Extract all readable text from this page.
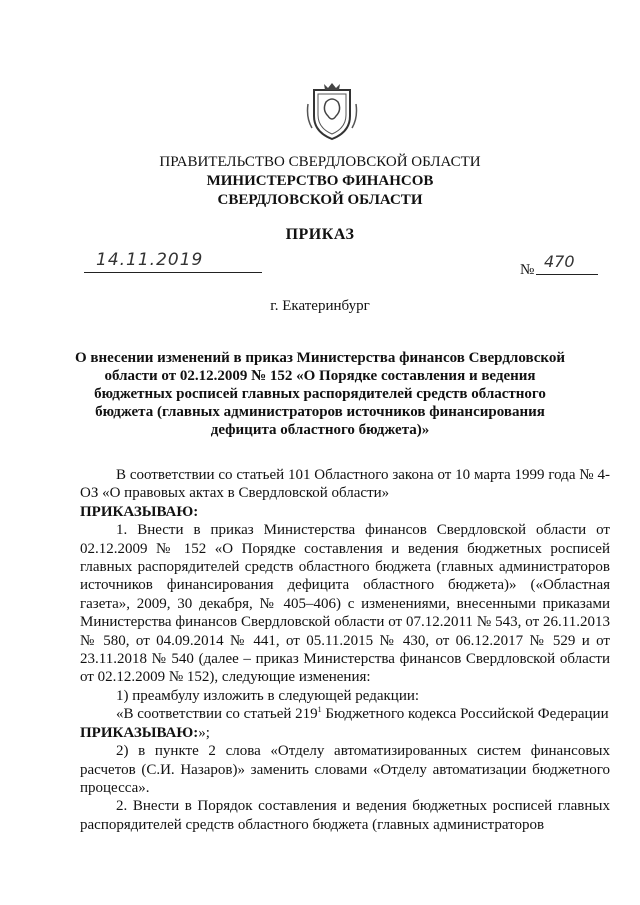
ПРАВИТЕЛЬСТВО СВЕРДЛОВСКОЙ ОБЛАСТИ
МИНИСТЕРСТВО ФИНАНСОВ
СВЕРДЛОВСКОЙ ОБЛАСТИ
ПРИКАЗ
14.11.2019	№ 470
г. Екатеринбург
О внесении изменений в приказ Министерства финансов Свердловской области от 02.12.2009 № 152 «О Порядке составления и ведения бюджетных росписей главных распорядителей средств областного бюджета (главных администраторов источников финансирования дефицита областного бюджета)»

В соответствии со статьей 101 Областного закона от 10 марта 1999 года № 4-ОЗ «О правовых актах в Свердловской области»

ПРИКАЗЫВАЮ:

1. Внести в приказ Министерства финансов Свердловской области от 02.12.2009 № 152 «О Порядке составления и ведения бюджетных росписей главных распорядителей средств областного бюджета (главных администраторов источников финансирования дефицита областного бюджета)» («Областная газета», 2009, 30 декабря, № 405–406) с изменениями, внесенными приказами Министерства финансов Свердловской области от 07.12.2011 № 543, от 26.11.2013 № 580, от 04.09.2014 № 441, от 05.11.2015 № 430, от 06.12.2017 № 529 и от 23.11.2018 № 540 (далее – приказ Министерства финансов Свердловской области от 02.12.2009 № 152), следующие изменения:

1) преамбулу изложить в следующей редакции:

«В соответствии со статьей $219^1$ Бюджетного кодекса Российской Федерации

ПРИКАЗЫВАЮ:»;

2) в пункте 2 слова «Отделу автоматизированных систем финансовых расчетов (С.И. Назаров)» заменить словами «Отделу автоматизации бюджетного процесса».

2. Внести в Порядок составления и ведения бюджетных росписей главных распорядителей средств областного бюджета (главных администраторов
